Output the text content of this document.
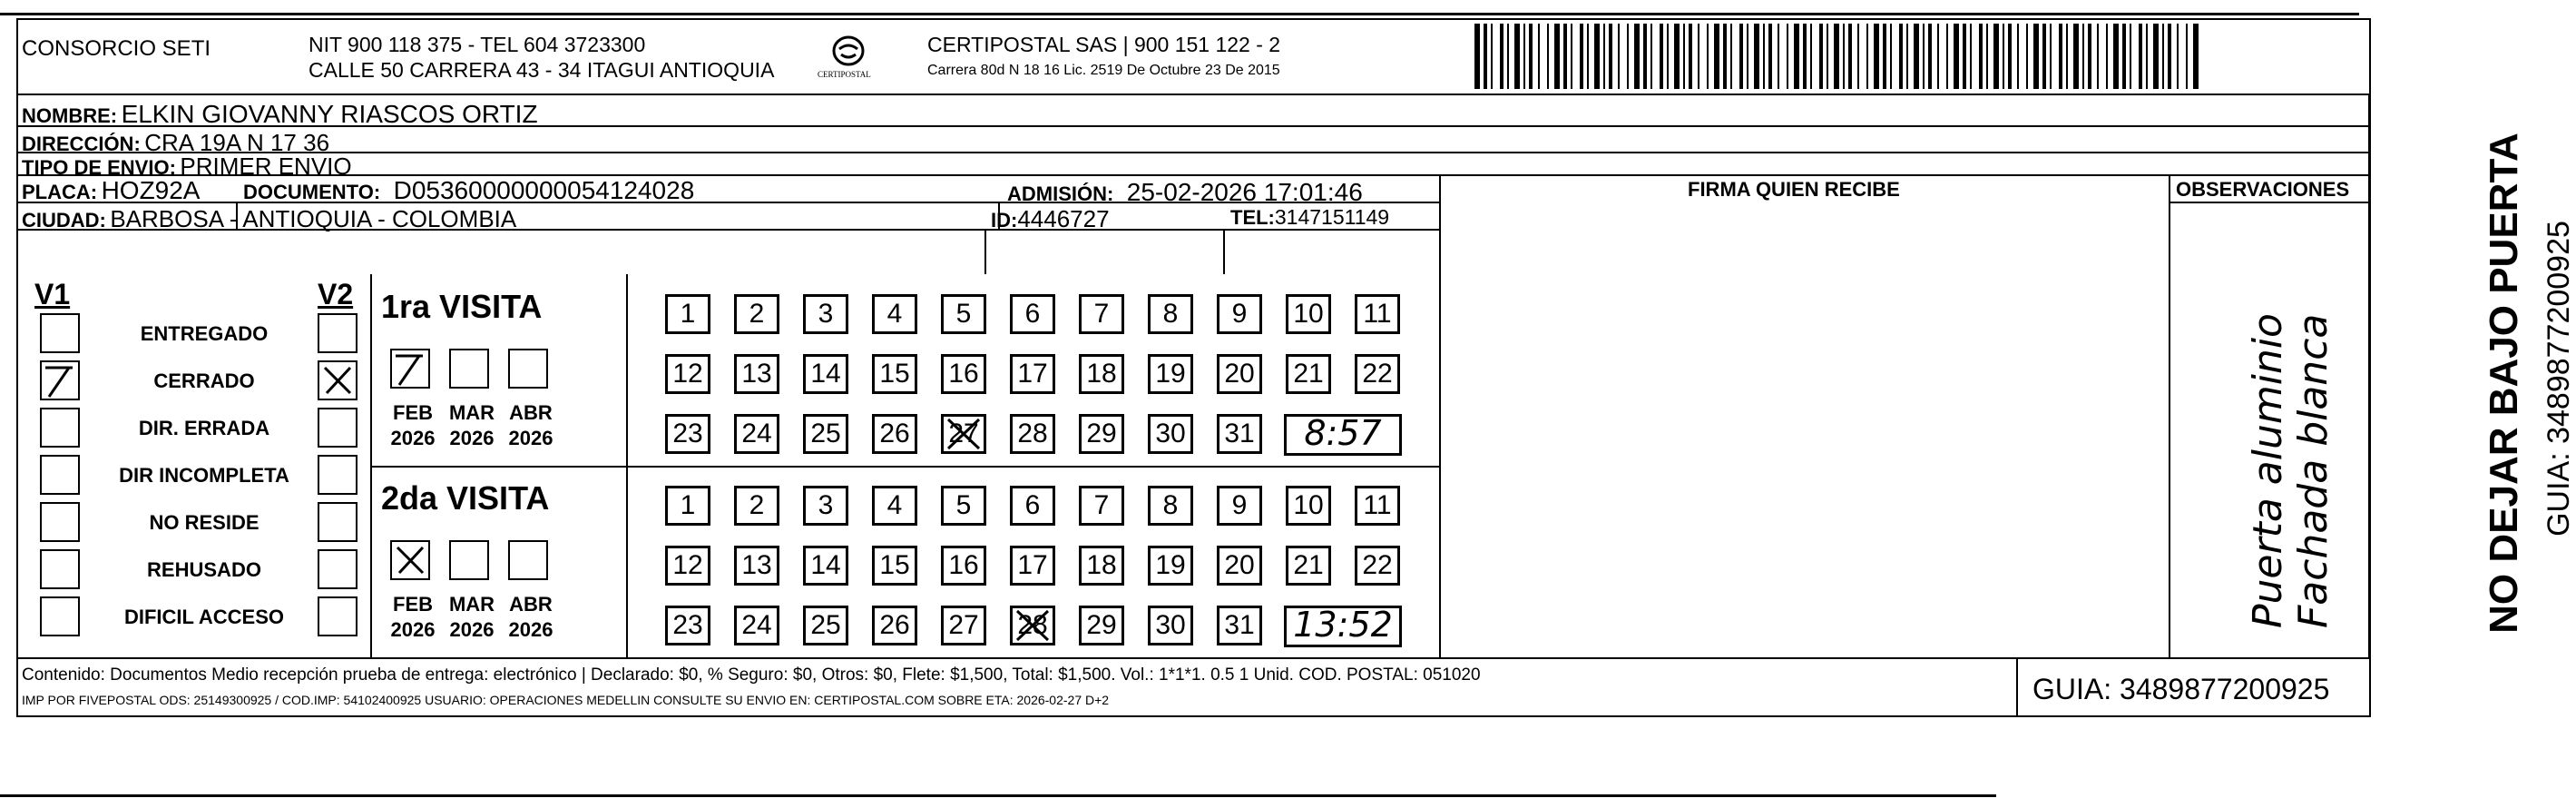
CONSORCIO SETI	NIT 900 118 375 - TEL 604 3723300
CALLE 50 CARRERA 43 - 34 ITAGUI ANTIOQUIA	CERTIPOSTAL
CERTIPOSTAL SAS | 900 151 122 - 2
Carrera 80d N 18 16 Lic. 2519 De Octubre 23 De 2015
NOMBRE: ELKIN GIOVANNY RIASCOS ORTIZ
DIRECCIÓN: CRA 19A N 17 36
TIPO DE ENVIO: PRIMER ENVIO
PLACA: HOZ92A DOCUMENTO: D05360000000054124028	ADMISIÓN: 25-02-2026 17:01:46
CIUDAD: BARBOSA - ANTIOQUIA - COLOMBIA	ID:4446727	TEL:3147151149
FIRMA QUIEN RECIBE	OBSERVACIONES
V1	V2
ENTREGADO
CERRADO
DIR. ERRADA
DIR INCOMPLETA
NO RESIDE
REHUSADO
DIFICIL ACCESO
1ra VISITA
FEB
2026
MAR
2026
ABR
2026
1	2	3	4	5	6	7	8	9	10	11
12 13 14 15 16 17 18 19 20 21 22
23 24 25 26 27 28 29 30 31	8:57
2da VISITA
FEB
2026
MAR
2026
ABR
2026
1	2	3	4	5	6	7	8	9	10	11
12 13 14 15 16 17 18 19 20 21 22
23 24 25 26 27 28 29 30 31 13:52	Puerta aluminio Fachada blanca	NO DEJAR BAJO PUERTA GUIA: 3489877200925
Contenido: Documentos Medio recepción prueba de entrega: electrónico | Declarado: $0, % Seguro: $0, Otros: $0, Flete: $1,500, Total: $1,500. Vol.: 1*1*1. 0.5 1 Unid. COD. POSTAL: 051020
IMP POR FIVEPOSTAL ODS: 25149300925 / COD.IMP: 54102400925 USUARIO: OPERACIONES MEDELLIN CONSULTE SU ENVIO EN: CERTIPOSTAL.COM SOBRE ETA: 2026-02-27 D+2	GUIA: 3489877200925
